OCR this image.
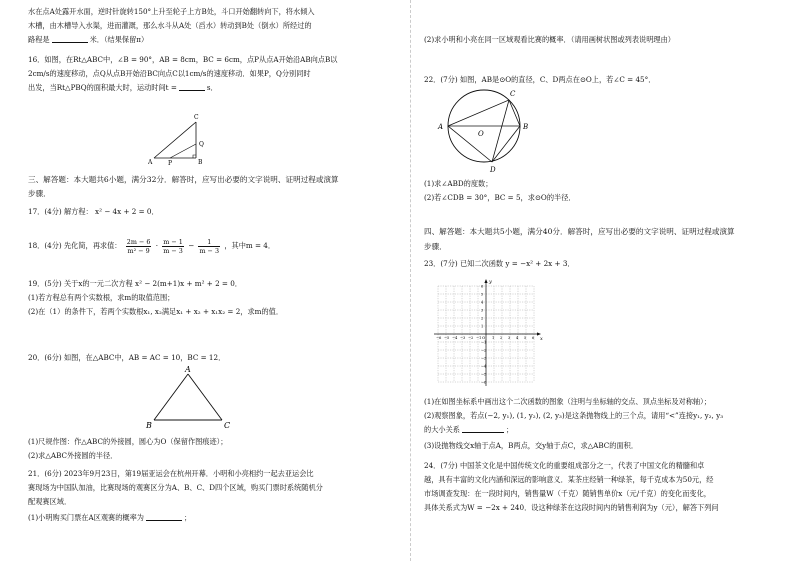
水在点A处露开水面，逆时针旋转150°上升至轮子上方B处，斗口开始翻转向下，将水倾入
木槽，由木槽导入水渠，进而灌溉，那么水斗从A处（舀水）转动到B处（倒水）所经过的
路程是	米．（结果保留π）
16．如图，在Rt△ABC中，∠B = 90°，AB = 8cm，BC = 6cm，点P从点A开始沿AB向点B以
2cm/s的速度移动，点Q从点B开始沿BC向点C以1cm/s的速度移动．如果P，Q分别同时
出发，当Rt△PBQ的面积最大时，运动时间t =	s．
A	P	B
Q
C
三、解答题：本大题共6小题，满分32分．解答时，应写出必要的文字说明、证明过程或演算
步骤．
17．(4分) 解方程： x² − 4x + 2 = 0．
18．(4分) 先化简，再求值： $\frac{2m - 6}{\text{m² − 9}} \cdot \frac{m - 1}{m - 3} - \frac{1}{m - 3}$ ，其中m = 4．
19．(5分) 关于x的一元二次方程 x² − 2(m+1)x + m² + 2 = 0．
(1)若方程总有两个实数根，求m的取值范围；
(2)在（1）的条件下，若两个实数根x₁, x₂满足x₁ + x₂ + x₁x₂ = 2，求m的值．
20．(6分) 如图，在△ABC中，AB = AC = 10，BC = 12．
A
B	C
(1)尺规作图：作△ABC的外接圆，圆心为O（保留作图痕迹）；
(2)求△ABC外接圆的半径．
21．(6分) 2023年9月23日，第19届亚运会在杭州开幕．小明和小亮相约一起去亚运会比
赛现场为中国队加油，比赛现场的观赛区分为A、B、C、D四个区域，购买门票时系统随机分
配观赛区域．
(1)小明购买门票在A区观赛的概率为	；
(2)求小明和小亮在同一区域观看比赛的概率．（请用画树状图或列表说明理由）
22．(7分) 如图，AB是⊙O的直径，C、D两点在⊙O上，若∠C = 45°．
A	B
C
D
O
(1)求∠ABD的度数；
(2)若∠CDB = 30°，BC = 5，求⊙O的半径．
四、解答题：本大题共5小题，满分40分．解答时，应写出必要的文字说明、证明过程或演算
步骤．
23．(7分) 已知二次函数 y = −x² + 2x + 3．
−6 −5 −4 −3 −2 −1	1 2 3 4 5 6
6
5
4
3
2
1
−1
−2
−3
−4
−5
−6
x
y
O
(1)在如图坐标系中画出这个二次函数的图象（注明与坐标轴的交点、顶点坐标及对称轴）；
(2)观察图象，若点(−2, y₁), (1, y₂), (2, y₃)是这条抛物线上的三个点，请用“<”连接y₁, y₂, y₃
的大小关系	；
(3)设抛物线交x轴于点A，B两点，交y轴于点C，求△ABC的面积．
24．(7分) 中国茶文化是中国传统文化的重要组成部分之一，代表了中国文化的精髓和卓
越，具有丰富的文化内涵和深远的影响意义．某茶庄经销一种绿茶，每千克成本为50元，经
市场调查发现：在一段时间内，销售量W（千克）随销售单价x（元/千克）的变化而变化，
具体关系式为W = −2x + 240．设这种绿茶在这段时间内的销售利润为y（元），解答下列问
